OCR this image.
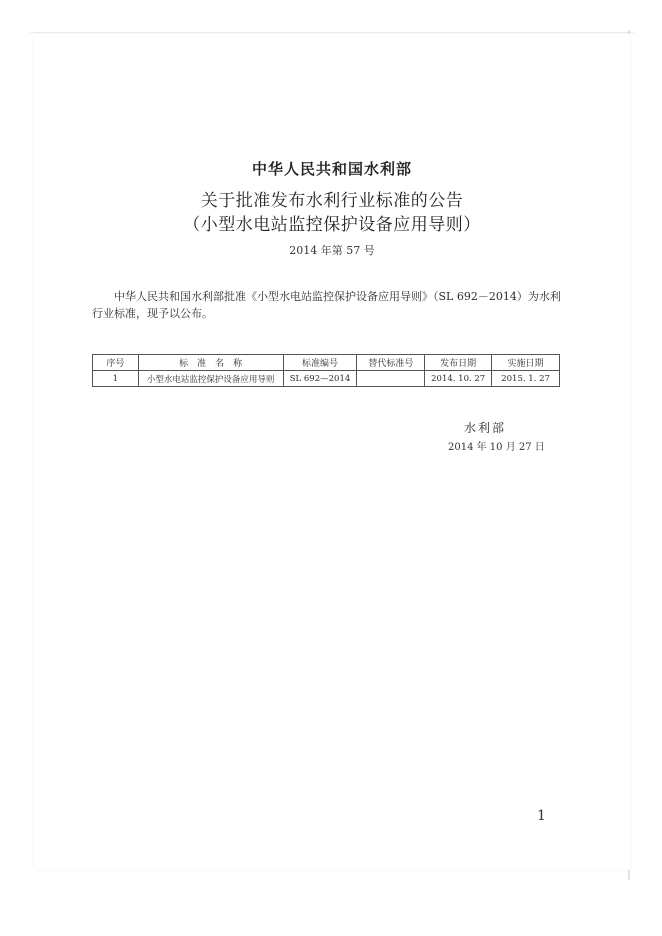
中华人民共和国水利部
关于批准发布水利行业标准的公告
（小型水电站监控保护设备应用导则）
2014 年第 57 号
中华人民共和国水利部批准《小型水电站监控保护设备应用导则》（SL 692－2014）为水利行业标准，现予以公布。
序号	标　准　名　称	标准编号	替代标准号	发布日期	实施日期
1	小型水电站监控保护设备应用导则	SL 692—2014		2014. 10. 27	2015. 1. 27
水利部
2014 年 10 月 27 日
1
